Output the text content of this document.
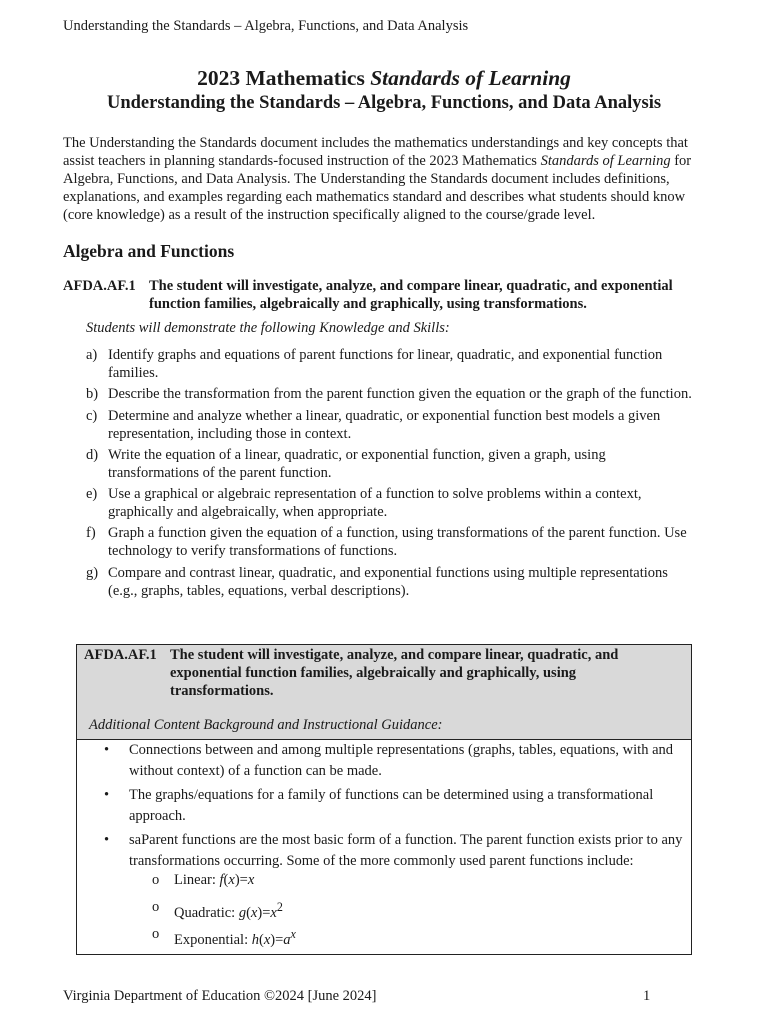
Understanding the Standards – Algebra, Functions, and Data Analysis
2023 Mathematics Standards of Learning
Understanding the Standards – Algebra, Functions, and Data Analysis

The Understanding the Standards document includes the mathematics understandings and key concepts that assist teachers in planning standards-focused instruction of the 2023 Mathematics Standards of Learning for Algebra, Functions, and Data Analysis. The Understanding the Standards document includes definitions, explanations, and examples regarding each mathematics standard and describes what students should know (core knowledge) as a result of the instruction specifically aligned to the course/grade level.

Algebra and Functions
AFDA.AF.1 The student will investigate, analyze, and compare linear, quadratic, and exponential function families, algebraically and graphically, using transformations.
Students will demonstrate the following Knowledge and Skills:
a) Identify graphs and equations of parent functions for linear, quadratic, and exponential function families.
b) Describe the transformation from the parent function given the equation or the graph of the function.
c) Determine and analyze whether a linear, quadratic, or exponential function best models a given representation, including those in context.
d) Write the equation of a linear, quadratic, or exponential function, given a graph, using transformations of the parent function.
e) Use a graphical or algebraic representation of a function to solve problems within a context, graphically and algebraically, when appropriate.
f) Graph a function given the equation of a function, using transformations of the parent function. Use technology to verify transformations of functions.
g) Compare and contrast linear, quadratic, and exponential functions using multiple representations (e.g., graphs, tables, equations, verbal descriptions).
AFDA.AF.1 The student will investigate, analyze, and compare linear, quadratic, and exponential function families, algebraically and graphically, using transformations.
Additional Content Background and Instructional Guidance:
• Connections between and among multiple representations (graphs, tables, equations, with and without context) of a function can be made.
• The graphs/equations for a family of functions can be determined using a transformational approach.
• saParent functions are the most basic form of a function. The parent function exists prior to any transformations occurring. Some of the more commonly used parent functions include:
o Linear: f(x)=x
o Quadratic: $g(x)=x^2$
o Exponential: $h(x)=a^x$
Virginia Department of Education ©2024 [June 2024]	1
